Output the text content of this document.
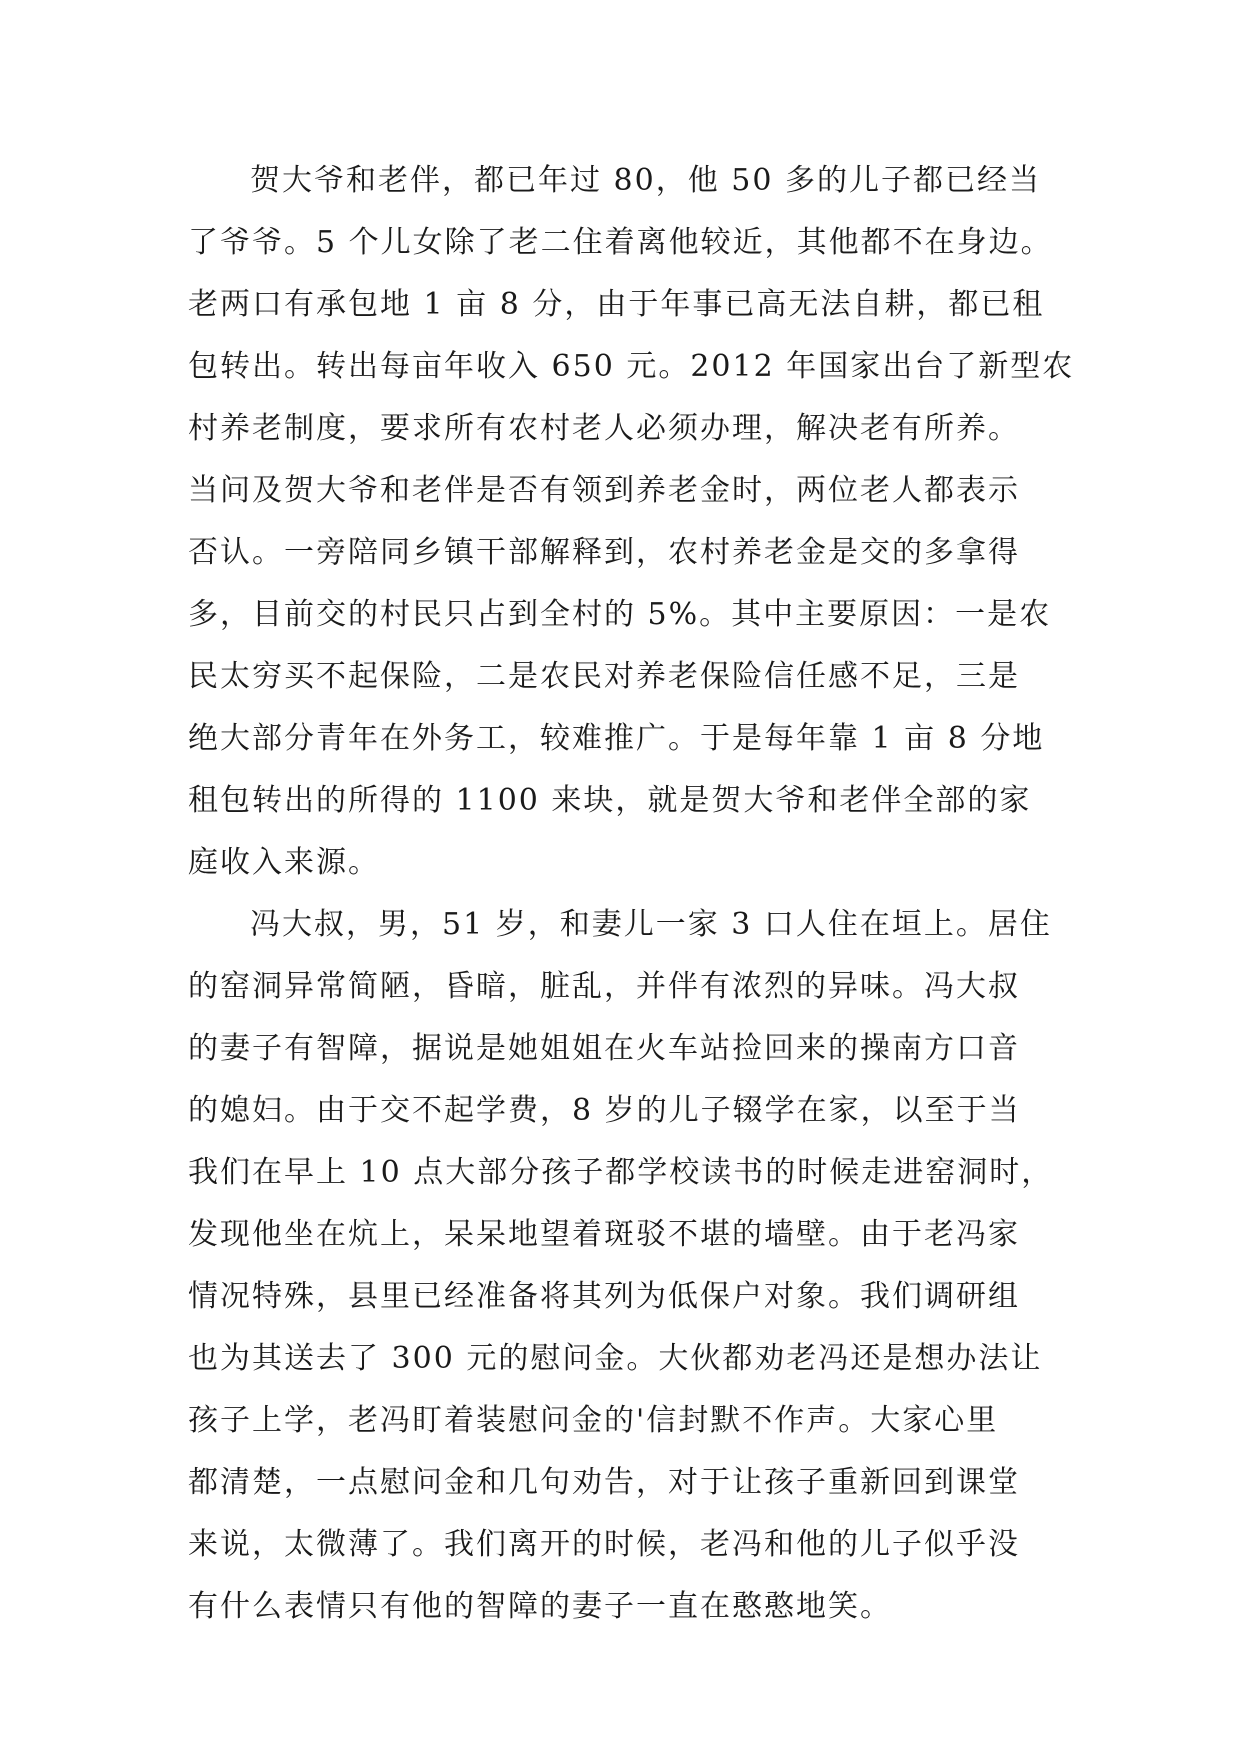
贺大爷和老伴，都已年过 80，他 50 多的儿子都已经当
了爷爷。5 个儿女除了老二住着离他较近，其他都不在身边。
老两口有承包地 1 亩 8 分，由于年事已高无法自耕，都已租
包转出。转出每亩年收入 650 元。2012 年国家出台了新型农
村养老制度，要求所有农村老人必须办理，解决老有所养。
当问及贺大爷和老伴是否有领到养老金时，两位老人都表示
否认。一旁陪同乡镇干部解释到，农村养老金是交的多拿得
多，目前交的村民只占到全村的 5%。其中主要原因：一是农
民太穷买不起保险，二是农民对养老保险信任感不足，三是
绝大部分青年在外务工，较难推广。于是每年靠 1 亩 8 分地
租包转出的所得的 1100 来块，就是贺大爷和老伴全部的家
庭收入来源。
冯大叔，男，51 岁，和妻儿一家 3 口人住在垣上。居住
的窑洞异常简陋，昏暗，脏乱，并伴有浓烈的异味。冯大叔
的妻子有智障，据说是她姐姐在火车站捡回来的操南方口音
的媳妇。由于交不起学费，8 岁的儿子辍学在家，以至于当
我们在早上 10 点大部分孩子都学校读书的时候走进窑洞时，
发现他坐在炕上，呆呆地望着斑驳不堪的墙壁。由于老冯家
情况特殊，县里已经准备将其列为低保户对象。我们调研组
也为其送去了 300 元的慰问金。大伙都劝老冯还是想办法让
孩子上学，老冯盯着装慰问金的'信封默不作声。大家心里
都清楚，一点慰问金和几句劝告，对于让孩子重新回到课堂
来说，太微薄了。我们离开的时候，老冯和他的儿子似乎没
有什么表情只有他的智障的妻子一直在憨憨地笑。
